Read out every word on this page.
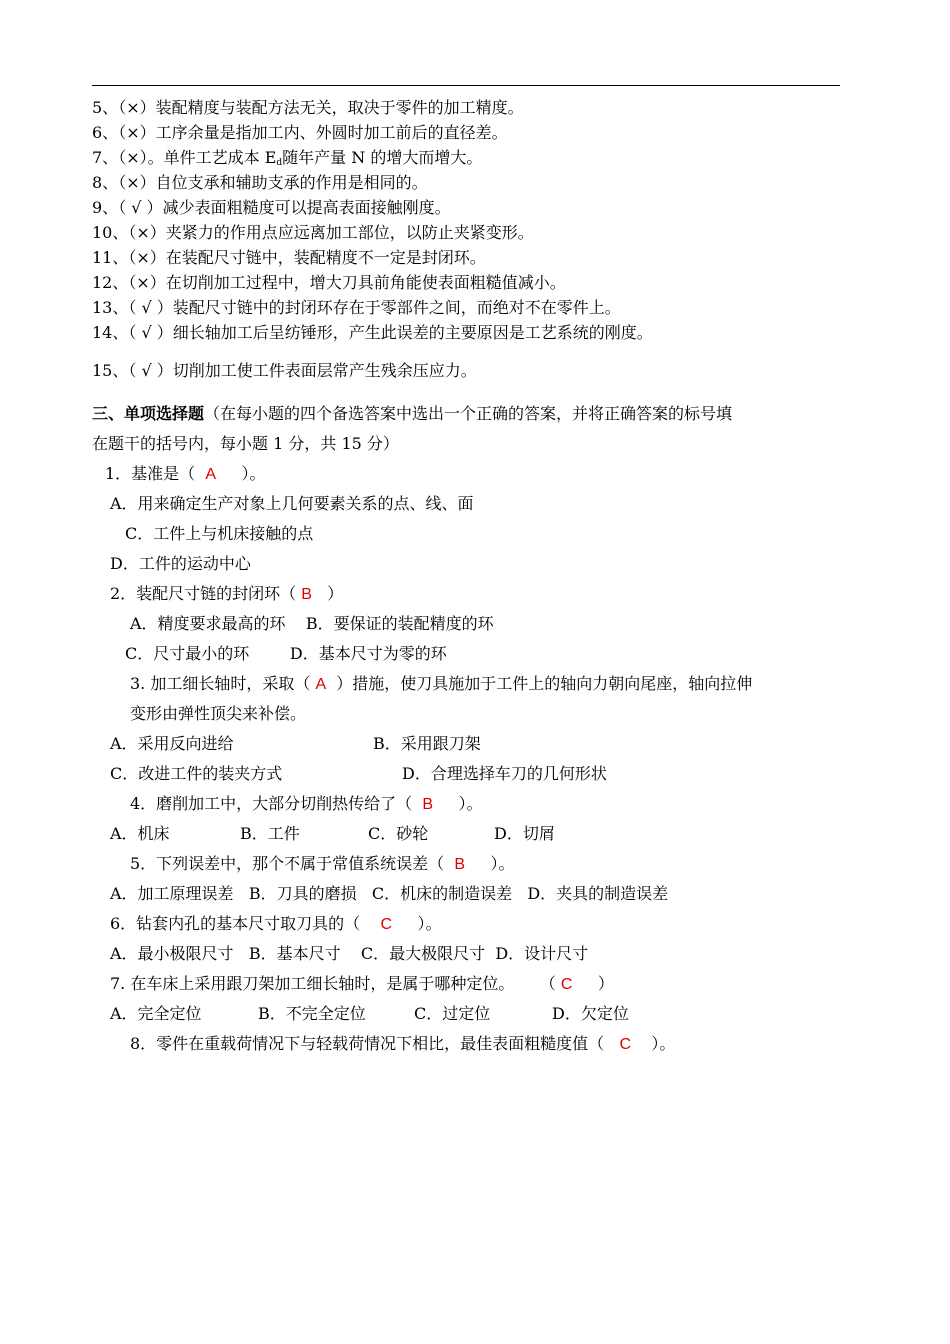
5、（×）装配精度与装配方法无关，取决于零件的加工精度。
6、（×）工序余量是指加工内、外圆时加工前后的直径差。
7、（×）。单件工艺成本 $E_d$随年产量 N 的增大而增大。
8、（×）自位支承和辅助支承的作用是相同的。
9、（ √ ）减少表面粗糙度可以提高表面接触刚度。
10、（×）夹紧力的作用点应远离加工部位，以防止夹紧变形。
11、（×）在装配尺寸链中，装配精度不一定是封闭环。
12、（×）在切削加工过程中，增大刀具前角能使表面粗糙值减小。
13、（ √ ）装配尺寸链中的封闭环存在于零部件之间，而绝对不在零件上。
14、（ √ ）细长轴加工后呈纺锤形，产生此误差的主要原因是工艺系统的刚度。
15、（ √ ）切削加工使工件表面层常产生残余压应力。
三、单项选择题（在每小题的四个备选答案中选出一个正确的答案，并将正确答案的标号填
在题干的括号内，每小题 1 分，共 15 分）
1．基准是（ A ）。
A．用来确定生产对象上几何要素关系的点、线、面
C．工件上与机床接触的点
D．工件的运动中心
2．装配尺寸链的封闭环（ B ）
A．精度要求最高的环    B．要保证的装配精度的环
C．尺寸最小的环        D．基本尺寸为零的环
3. 加工细长轴时，采取（ A ）措施，使刀具施加于工件上的轴向力朝向尾座，轴向拉伸
变形由弹性顶尖来补偿。
A．采用反向进给	B．采用跟刀架
C．改进工件的装夹方式	D．合理选择车刀的几何形状
4．磨削加工中，大部分切削热传给了（ B ）。
A．机床	B．工件	C．砂轮	D．切屑
5．下列误差中，那个不属于常值系统误差（ B ）。
A．加工原理误差   B．刀具的磨损   C．机床的制造误差   D．夹具的制造误差
6．钻套内孔的基本尺寸取刀具的（ C ）。
A．最小极限尺寸   B．基本尺寸    C．最大极限尺寸  D．设计尺寸
7. 在车床上采用跟刀架加工细长轴时，是属于哪种定位。 （ C ）
A．完全定位	B．不完全定位	C．过定位	D．欠定位
8．零件在重载荷情况下与轻载荷情况下相比，最佳表面粗糙度值（ C ）。
